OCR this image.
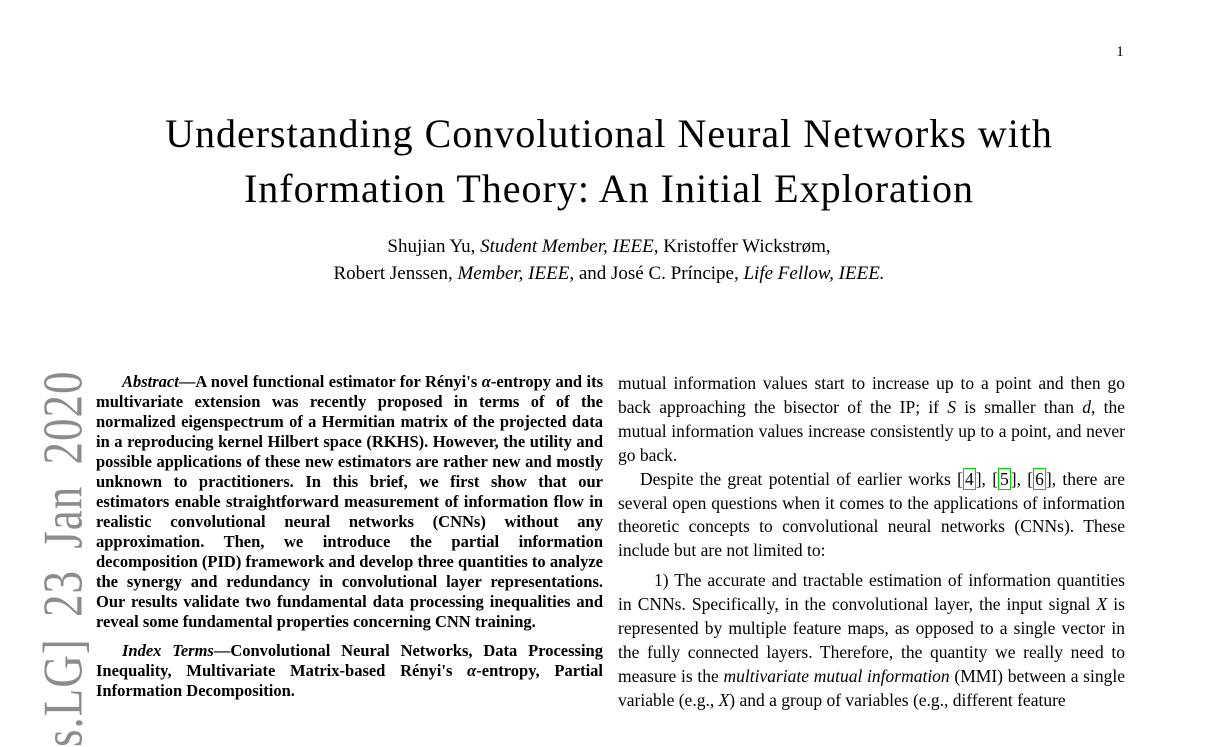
1
s.LG] 23 Jan 2020
Understanding Convolutional Neural Networks with
Information Theory: An Initial Exploration
Shujian Yu, Student Member, IEEE, Kristoffer Wickstrøm,
Robert Jenssen, Member, IEEE, and José C. Príncipe, Life Fellow, IEEE.

Abstract—A novel functional estimator for Rényi's α-entropy and its multivariate extension was recently proposed in terms of of the normalized eigenspectrum of a Hermitian matrix of the projected data in a reproducing kernel Hilbert space (RKHS). However, the utility and possible applications of these new estimators are rather new and mostly unknown to practitioners. In this brief, we first show that our estimators enable straightforward measurement of information flow in realistic convolutional neural networks (CNNs) without any approximation. Then, we introduce the partial information decomposition (PID) framework and develop three quantities to analyze the synergy and redundancy in convolutional layer representations. Our results validate two fundamental data processing inequalities and reveal some fundamental properties concerning CNN training.

Index Terms—Convolutional Neural Networks, Data Processing Inequality, Multivariate Matrix-based Rényi's α-entropy, Partial Information Decomposition.

mutual information values start to increase up to a point and then go back approaching the bisector of the IP; if S is smaller than d, the mutual information values increase consistently up to a point, and never go back.

Despite the great potential of earlier works [ 4 ], [ 5 ], [ 6 ], there are several open questions when it comes to the applications of information theoretic concepts to convolutional neural networks (CNNs). These include but are not limited to:

1) The accurate and tractable estimation of information quantities in CNNs. Specifically, in the convolutional layer, the input signal X is represented by multiple feature maps, as opposed to a single vector in the fully connected layers. Therefore, the quantity we really need to measure is the multivariate mutual information (MMI) between a single variable (e.g., X) and a group of variables (e.g., different feature
